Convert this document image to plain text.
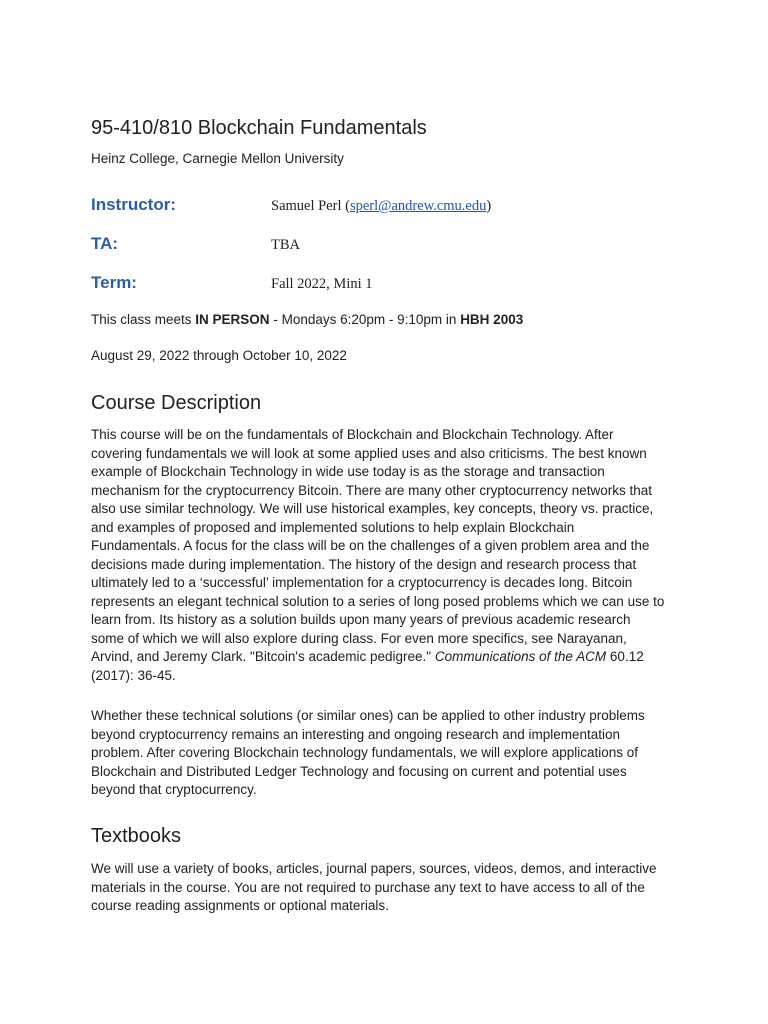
95-410/810 Blockchain Fundamentals
Heinz College, Carnegie Mellon University
Instructor:	Samuel Perl (sperl@andrew.cmu.edu)
TA:	TBA
Term:	Fall 2022, Mini 1
This class meets IN PERSON - Mondays 6:20pm - 9:10pm in HBH 2003
August 29, 2022 through October 10, 2022
Course Description
This course will be on the fundamentals of Blockchain and Blockchain Technology. After
covering fundamentals we will look at some applied uses and also criticisms. The best known
example of Blockchain Technology in wide use today is as the storage and transaction
mechanism for the cryptocurrency Bitcoin. There are many other cryptocurrency networks that
also use similar technology. We will use historical examples, key concepts, theory vs. practice,
and examples of proposed and implemented solutions to help explain Blockchain
Fundamentals. A focus for the class will be on the challenges of a given problem area and the
decisions made during implementation. The history of the design and research process that
ultimately led to a ‘successful’ implementation for a cryptocurrency is decades long. Bitcoin
represents an elegant technical solution to a series of long posed problems which we can use to
learn from. Its history as a solution builds upon many years of previous academic research
some of which we will also explore during class. For even more specifics, see Narayanan,
Arvind, and Jeremy Clark. "Bitcoin's academic pedigree." Communications of the ACM 60.12
(2017): 36-45.
Whether these technical solutions (or similar ones) can be applied to other industry problems
beyond cryptocurrency remains an interesting and ongoing research and implementation
problem. After covering Blockchain technology fundamentals, we will explore applications of
Blockchain and Distributed Ledger Technology and focusing on current and potential uses
beyond that cryptocurrency.
Textbooks
We will use a variety of books, articles, journal papers, sources, videos, demos, and interactive
materials in the course. You are not required to purchase any text to have access to all of the
course reading assignments or optional materials.
